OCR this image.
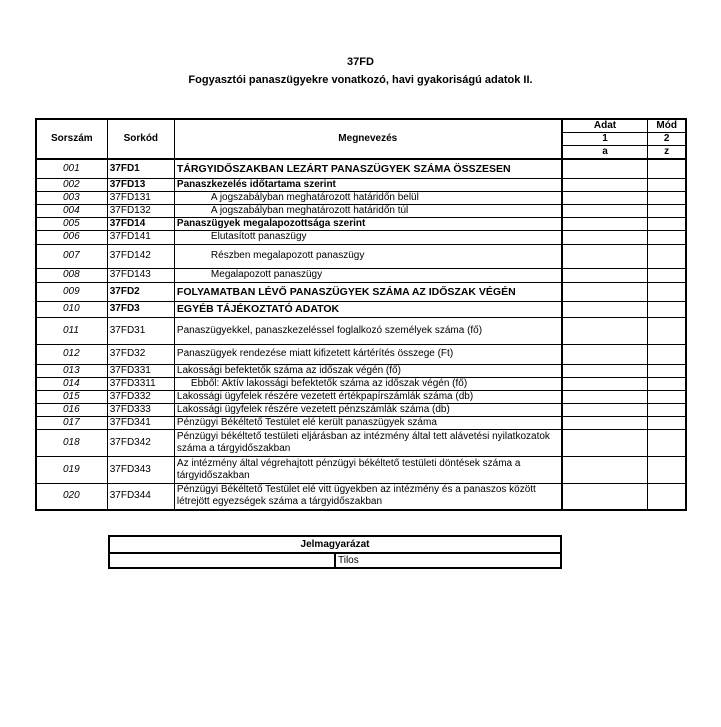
37FD
Fogyasztói panaszügyekre vonatkozó, havi gyakoriságú adatok II.
Sorszám	Sorkód	Megnevezés	Adat	Mód
			1	2
			a	z
001	37FD1	TÁRGYIDŐSZAKBAN LEZÁRT PANASZÜGYEK SZÁMA ÖSSZESEN		
002	37FD13	Panaszkezelés időtartama szerint		
003	37FD131	A jogszabályban meghatározott határidőn belül		
004	37FD132	A jogszabályban meghatározott határidőn túl		
005	37FD14	Panaszügyek megalapozottsága szerint		
006	37FD141	Elutasított panaszügy		
007	37FD142	Részben megalapozott panaszügy		
008	37FD143	Megalapozott panaszügy		
009	37FD2	FOLYAMATBAN LÉVŐ PANASZÜGYEK SZÁMA AZ IDŐSZAK VÉGÉN		
010	37FD3	EGYÉB TÁJÉKOZTATÓ ADATOK		
011	37FD31	Panaszügyekkel, panaszkezeléssel foglalkozó személyek száma (fő)		
012	37FD32	Panaszügyek rendezése miatt kifizetett kártérítés összege (Ft)		
013	37FD331	Lakossági befektetők száma az időszak végén (fő)		
014	37FD3311	Ebből: Aktív lakossági befektetők száma az időszak végén (fő)		
015	37FD332	Lakossági ügyfelek részére vezetett értékpapírszámlák száma (db)		
016	37FD333	Lakossági ügyfelek részére vezetett pénzszámlák száma (db)		
017	37FD341	Pénzügyi Békéltető Testület elé került panaszügyek száma		
018	37FD342	Pénzügyi békéltető testületi eljárásban az intézmény által tett alávetési nyilatkozatok száma a tárgyidőszakban		
019	37FD343	Az intézmény által végrehajtott pénzügyi békéltető testületi döntések száma a tárgyidőszakban		
020	37FD344	Pénzügyi Békéltető Testület elé vitt ügyekben az intézmény és a panaszos között létrejött egyezségek száma a tárgyidőszakban		
Jelmagyarázat
	Tilos
